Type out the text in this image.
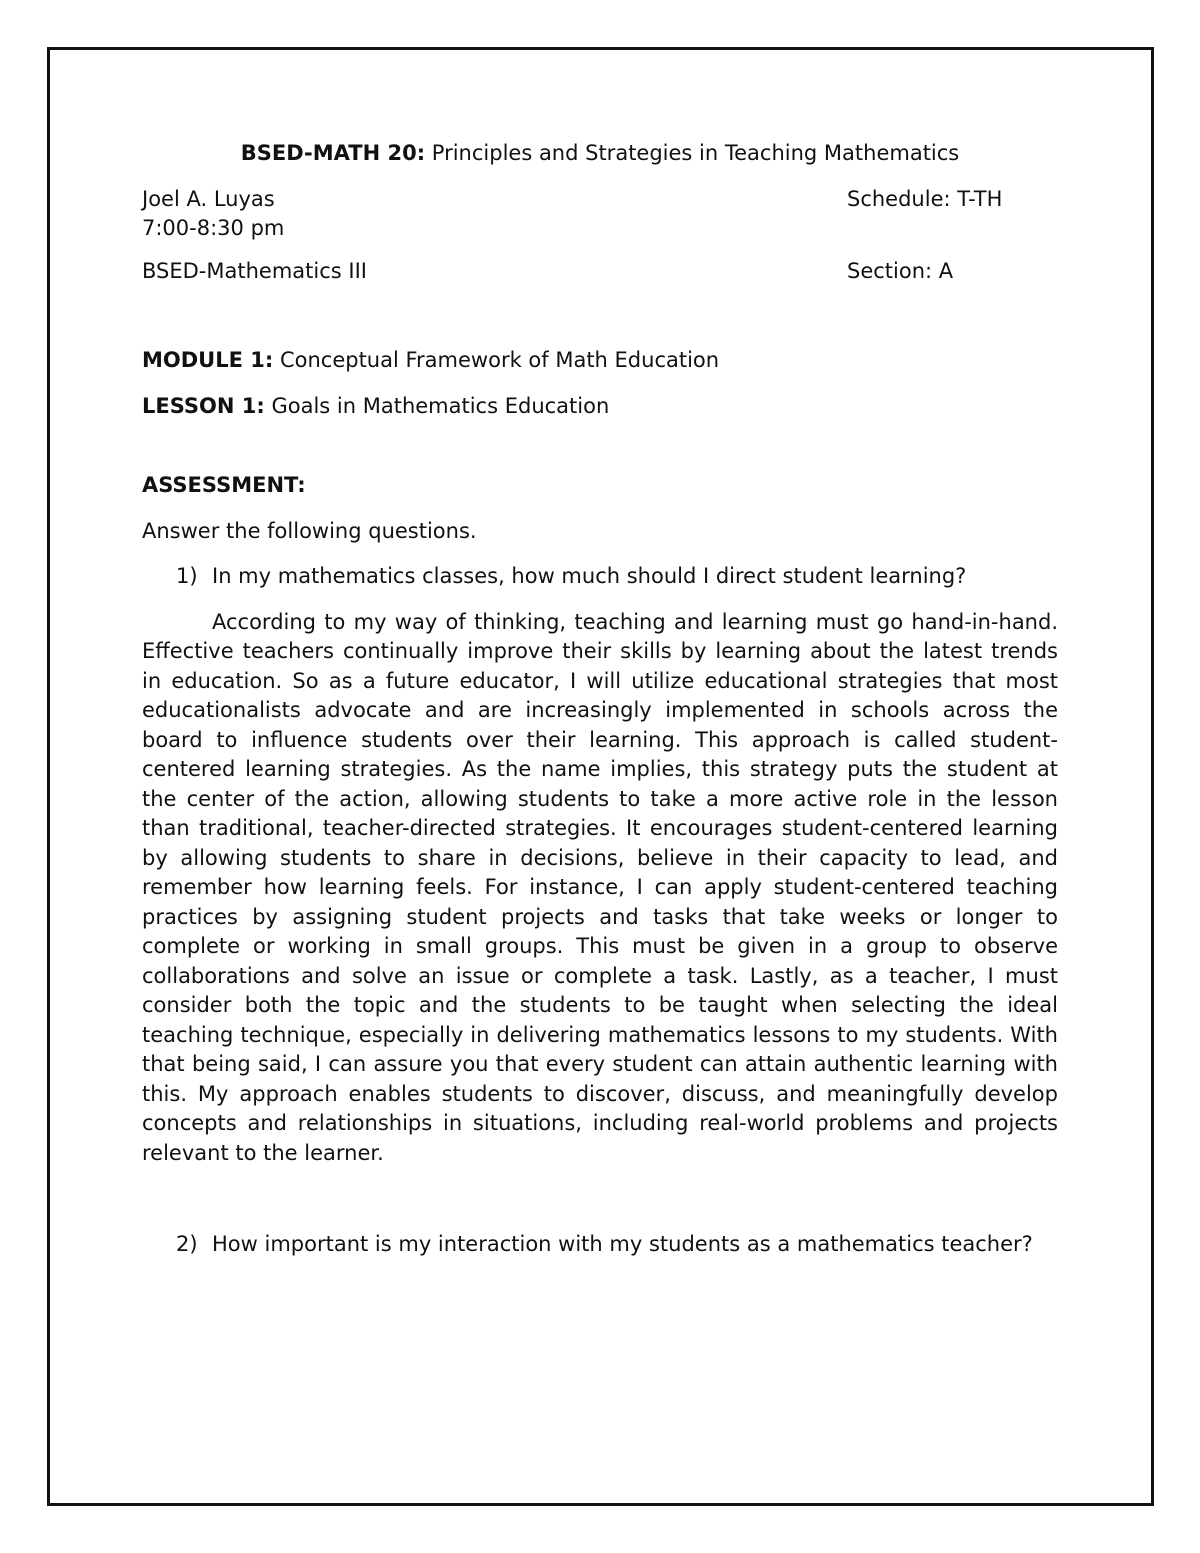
BSED-MATH 20: Principles and Strategies in Teaching Mathematics
Joel A. Luyas	Schedule: T-TH
7:00-8:30 pm
BSED-Mathematics III	Section: A
MODULE 1: Conceptual Framework of Math Education
LESSON 1: Goals in Mathematics Education
ASSESSMENT:
Answer the following questions.
1) In my mathematics classes, how much should I direct student learning?

According to my way of thinking, teaching and learning must go hand-in-hand. Effective teachers continually improve their skills by learning about the latest trends in education. So as a future educator, I will utilize educational strategies that most educationalists advocate and are increasingly implemented in schools across the board to influence students over their learning. This approach is called student-centered learning strategies. As the name implies, this strategy puts the student at the center of the action, allowing students to take a more active role in the lesson than traditional, teacher-directed strategies. It encourages student-centered learning by allowing students to share in decisions, believe in their capacity to lead, and remember how learning feels. For instance, I can apply student-centered teaching practices by assigning student projects and tasks that take weeks or longer to complete or working in small groups. This must be given in a group to observe collaborations and solve an issue or complete a task. Lastly, as a teacher, I must consider both the topic and the students to be taught when selecting the ideal teaching technique, especially in delivering mathematics lessons to my students. With that being said, I can assure you that every student can attain authentic learning with this. My approach enables students to discover, discuss, and meaningfully develop concepts and relationships in situations, including real-world problems and projects relevant to the learner.

2) How important is my interaction with my students as a mathematics teacher?
